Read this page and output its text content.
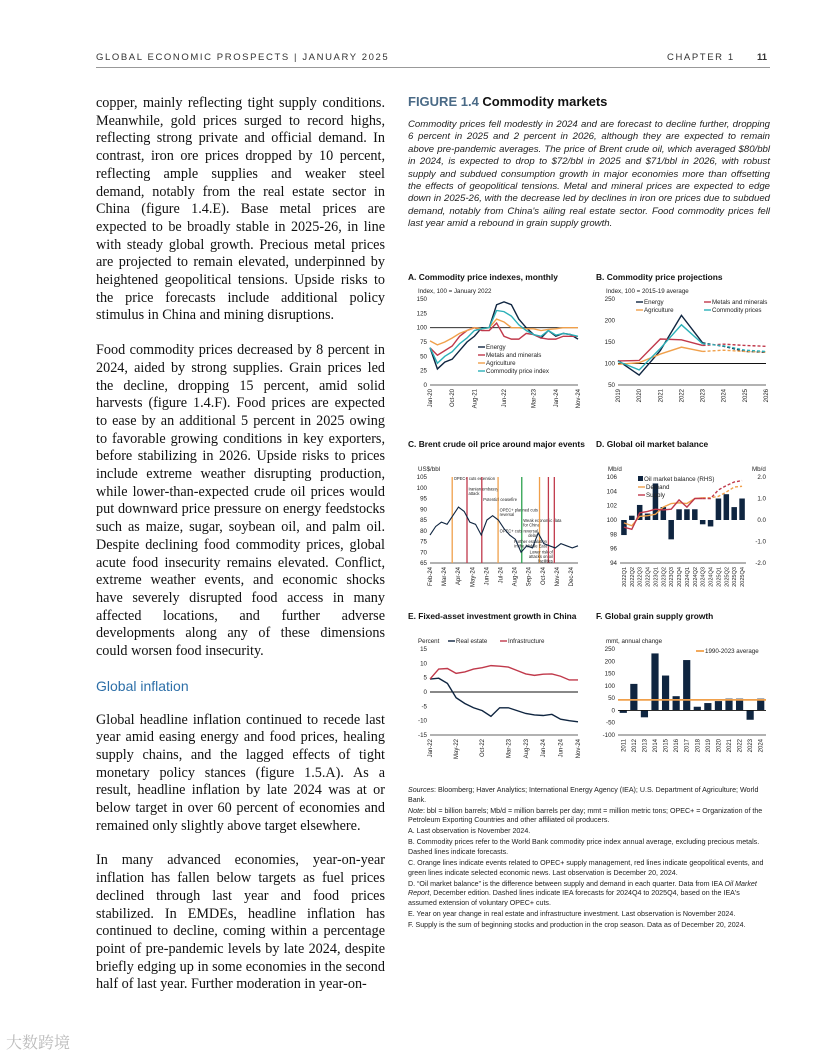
GLOBAL ECONOMIC PROSPECTS | JANUARY 2025	CHAPTER 1 11

copper, mainly reflecting tight supply conditions. Meanwhile, gold prices surged to record highs, reflecting strong private and official demand. In contrast, iron ore prices dropped by 10 percent, reflecting ample supplies and weaker steel demand, notably from the real estate sector in China (figure 1.4.E). Base metal prices are expected to be broadly stable in 2025-26, in line with steady global growth. Precious metal prices are projected to remain elevated, underpinned by heightened geopolitical tensions. Upside risks to the price forecasts include additional policy stimulus in China and mining disruptions.

Food commodity prices decreased by 8 percent in 2024, aided by strong supplies. Grain prices led the decline, dropping 15 percent, amid solid harvests (figure 1.4.F). Food prices are expected to ease by an additional 5 percent in 2025 owing to favorable growing conditions in key exporters, before stabilizing in 2026. Upside risks to prices include extreme weather disrupting production, while lower-than-expected crude oil prices would put downward price pressure on energy feedstocks such as maize, sugar, soybean oil, and palm oil. Despite declining food commodity prices, global acute food insecurity remains elevated. Conflict, extreme weather events, and economic shocks have severely disrupted food access in many affected locations, and further adverse developments along any of these dimensions could worsen food insecurity.

Global inflation

Global headline inflation continued to recede last year amid easing energy and food prices, healing supply chains, and the lagged effects of tight monetary policy stances (figure 1.5.A). As a result, headline inflation by late 2024 was at or below target in over 60 percent of economies and remained only slightly above target elsewhere.

In many advanced economies, year-on-year inflation has fallen below targets as fuel prices declined through last year and food prices stabilized. In EMDEs, headline inflation has continued to decline, coming within a percentage point of pre-pandemic levels by late 2024, despite briefly edging up in some economies in the second half of last year. Further moderation in year-on-

FIGURE 1.4 Commodity markets
Commodity prices fell modestly in 2024 and are forecast to decline further, dropping 6 percent in 2025 and 2 percent in 2026, although they are expected to remain above pre-pandemic averages. The price of Brent crude oil, which averaged $80/bbl in 2024, is expected to drop to $72/bbl in 2025 and $71/bbl in 2026, with robust supply and subdued consumption growth in major economies more than offsetting the effects of geopolitical tensions. Metal and mineral prices are expected to edge down in 2025-26, with the decrease led by declines in iron ore prices due to subdued demand, notably from China's ailing real estate sector. Food commodity prices fell last year amid a rebound in grain supply growth.
A. Commodity price indexes, monthly
Index, 100 = January 2022
0
25
50
75
100
125
150
Jan-20	Oct-20	Aug-21	Jun-22	Mar-23	Jan-24	Nov-24
Energy
Metals and minerals
Agriculture
Commodity price index
B. Commodity price projections
Index, 100 = 2015-19 average
50
100
150
200
250
2019	2020	2021	2022	2023	2024	2025	2026
Energy	Metals and minerals
Agriculture	Commodity prices
C. Brent crude oil price around major events
US$/bbl
65
70
75
80
85
90
95
100
105
Feb-24 Mar-24 Apr-24 May-24 Jun-24 Jul-24 Aug-24 Sep-24 Oct-24 Nov-24 Dec-24
OPEC+ cuts extension
Iranian embassy
attack
Potential ceasefire
OPEC+ planned cuts
reversal
Weak economic data
for China
OPEC+ cuts reversal
delay
Further escalation
in the Middle East
Lower risk of
attacks on oil
facilities
D. Global oil market balance
Mb/d	Mb/d
94
96
98
100
102
104
106
-2.0
-1.0
0.0
1.0
2.0
2022Q1 2022Q2 2022Q3 2022Q4 2023Q1 2023Q2 2023Q3 2023Q4 2024Q1 2024Q2 2024Q3 2024Q4 2025Q1 2025Q2 2025Q3 2025Q4
Oil market balance (RHS)
Demand
Supply
E. Fixed-asset investment growth in China
Percent
-15
-10
-5
0
5
10
15
Jan-22	May-22	Oct-22	Mar-23 Aug-23 Jan-24 Jun-24 Nov-24
Real estate	Infrastructure
F. Global grain supply growth
mmt, annual change
-100
-50
0
50
100
150
200
250
2011 2012 2013 2014 2015 2016 2017 2018 2019 2020 2021 2022 2023 2024
1990-2023 average
Sources: Bloomberg; Haver Analytics; International Energy Agency (IEA); U.S. Department of Agriculture; World Bank.
Note: bbl = billion barrels; Mb/d = million barrels per day; mmt = million metric tons; OPEC+ = Organization of the Petroleum Exporting Countries and other affiliated oil producers.
A. Last observation is November 2024.
B. Commodity prices refer to the World Bank commodity price index annual average, excluding precious metals. Dashed lines indicate forecasts.
C. Orange lines indicate events related to OPEC+ supply management, red lines indicate geopolitical events, and green lines indicate selected economic news. Last observation is December 20, 2024.
D. “Oil market balance” is the difference between supply and demand in each quarter. Data from IEA Oil Market Report, December edition. Dashed lines indicate IEA forecasts for 2024Q4 to 2025Q4, based on the IEA's assumed extension of voluntary OPEC+ cuts.
E. Year on year change in real estate and infrastructure investment. Last observation is November 2024.
F. Supply is the sum of beginning stocks and production in the crop season. Data as of December 20, 2024.
大数跨境
